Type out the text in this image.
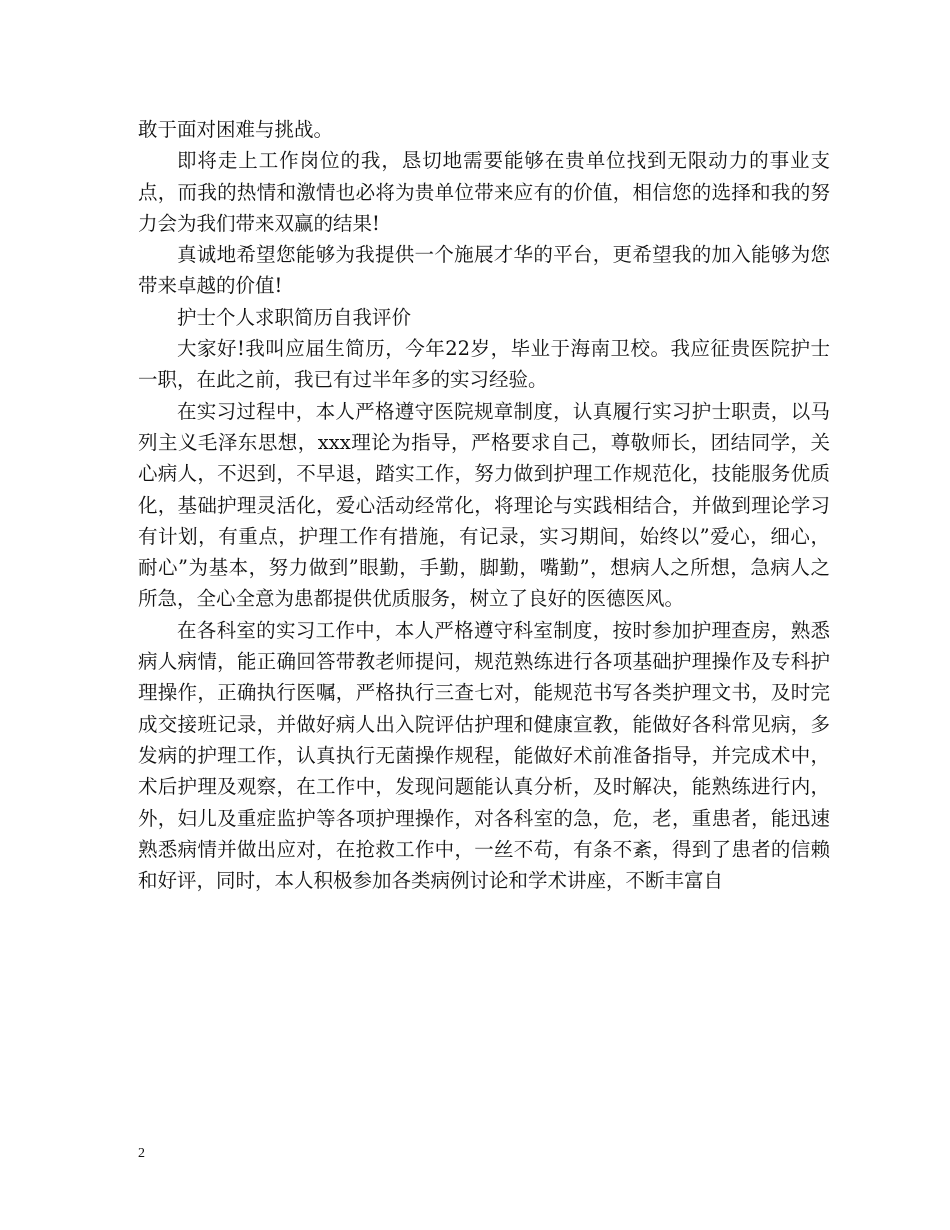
敢于面对困难与挑战。

即将走上工作岗位的我，恳切地需要能够在贵单位找到无限动力的事业支点，而我的热情和激情也必将为贵单位带来应有的价值，相信您的选择和我的努力会为我们带来双赢的结果!

真诚地希望您能够为我提供一个施展才华的平台，更希望我的加入能够为您带来卓越的价值!

护士个人求职简历自我评价

大家好!我叫应届生简历，今年22岁，毕业于海南卫校。我应征贵医院护士一职，在此之前，我已有过半年多的实习经验。

在实习过程中，本人严格遵守医院规章制度，认真履行实习护士职责，以马列主义毛泽东思想，xxx理论为指导，严格要求自己，尊敬师长，团结同学，关心病人，不迟到，不早退，踏实工作，努力做到护理工作规范化，技能服务优质化，基础护理灵活化，爱心活动经常化，将理论与实践相结合，并做到理论学习有计划，有重点，护理工作有措施，有记录，实习期间，始终以”爱心，细心，耐心”为基本，努力做到”眼勤，手勤，脚勤，嘴勤”，想病人之所想，急病人之所急，全心全意为患都提供优质服务，树立了良好的医德医风。

在各科室的实习工作中，本人严格遵守科室制度，按时参加护理查房，熟悉病人病情，能正确回答带教老师提问，规范熟练进行各项基础护理操作及专科护理操作，正确执行医嘱，严格执行三查七对，能规范书写各类护理文书，及时完成交接班记录，并做好病人出入院评估护理和健康宣教，能做好各科常见病，多发病的护理工作，认真执行无菌操作规程，能做好术前准备指导，并完成术中，术后护理及观察，在工作中，发现问题能认真分析，及时解决，能熟练进行内，外，妇儿及重症监护等各项护理操作，对各科室的急，危，老，重患者，能迅速熟悉病情并做出应对，在抢救工作中，一丝不苟，有条不紊，得到了患者的信赖和好评，同时，本人积极参加各类病例讨论和学术讲座，不断丰富自

2
